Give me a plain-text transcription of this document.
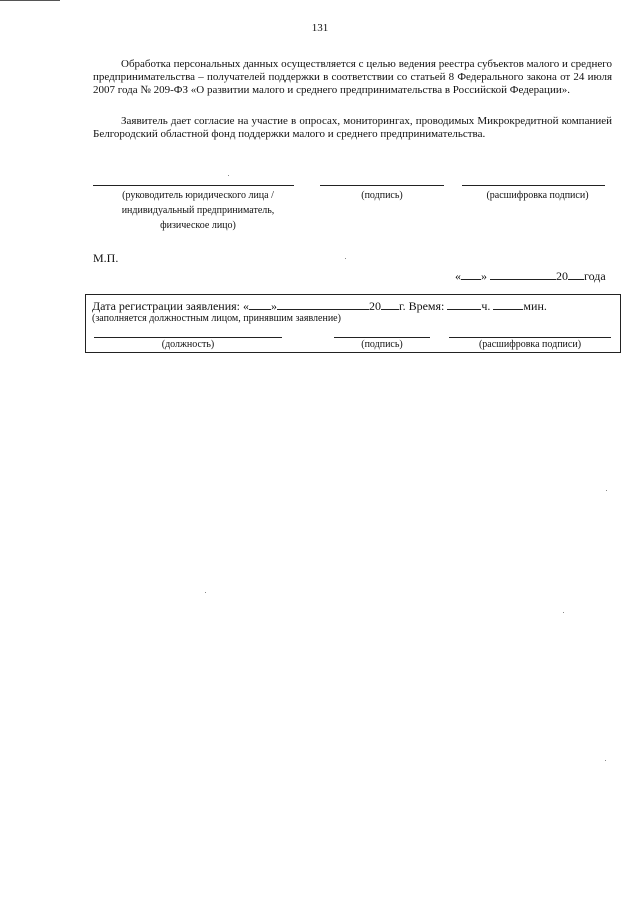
131

Обработка персональных данных осуществляется с целью ведения реестра субъектов малого и среднего предпринимательства – получателей поддержки в соответствии со статьей 8 Федерального закона от 24 июля 2007 года № 209-ФЗ «О развитии малого и среднего предпринимательства в Российской Федерации».

Заявитель дает согласие на участие в опросах, мониторингах, проводимых Микрокредитной компанией Белгородский областной фонд поддержки малого и среднего предпринимательства.

(руководитель юридического лица /индивидуальный предприниматель, физическое лицо)
(подпись)	(расшифровка подписи)
М.П.
« »	20 года
Дата регистрации заявления: « »	20 г. Время:	ч.	мин.
(заполняется должностным лицом, принявшим заявление)
(должность)	(подпись)	(расшифровка подписи)
